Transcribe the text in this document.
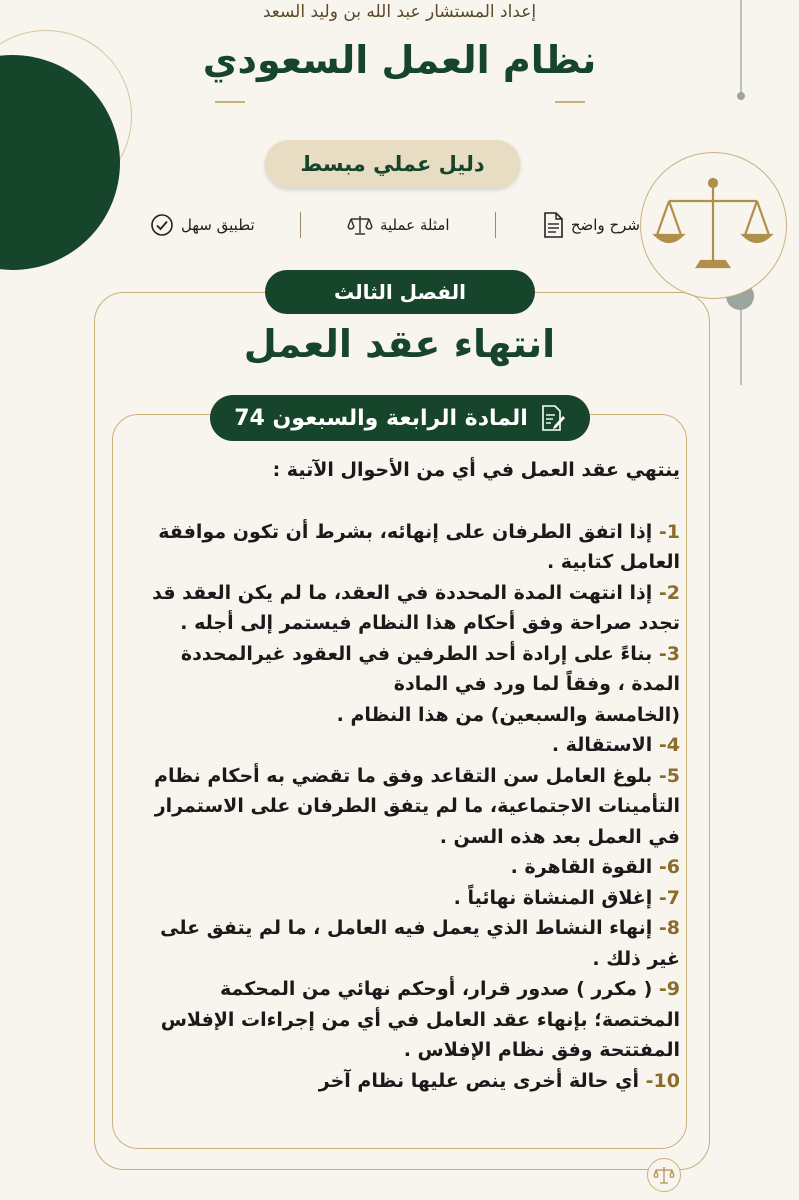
إعداد المستشار عبد الله بن وليد السعد
نظام العمل السعودي
دليل عملي مبسط
شرح واضح
امثلة عملية
تطبيق سهل
الفصل الثالث
انتهاء عقد العمل
المادة الرابعة والسبعون 74

ينتهي عقد العمل في أي من الأحوال الآتية :

1- إذا اتفق الطرفان على إنهائه، بشرط أن تكون موافقة
العامل كتابية .
2- إذا انتهت المدة المحددة في العقد، ما لم يكن العقد قد
تجدد صراحة وفق أحكام هذا النظام فيستمر إلى أجله .
3- بناءً على إرادة أحد الطرفين في العقود غيرالمحددة
المدة ، وفقاً لما ورد في المادة
(الخامسة والسبعين) من هذا النظام .
4- الاستقالة .
5- بلوغ العامل سن التقاعد وفق ما تقضي به أحكام نظام
التأمينات الاجتماعية، ما لم يتفق الطرفان على الاستمرار
في العمل بعد هذه السن .
6- القوة القاهرة .
7- إغلاق المنشاة نهائياً .
8- إنهاء النشاط الذي يعمل فيه العامل ، ما لم يتفق على
غير ذلك .
9- ( مكرر ) صدور قرار، أوحكم نهائي من المحكمة
المختصة؛ بإنهاء عقد العامل في أي من إجراءات الإفلاس
المفتتحة وفق نظام الإفلاس .
10- أي حالة أخرى ينص عليها نظام آخر
